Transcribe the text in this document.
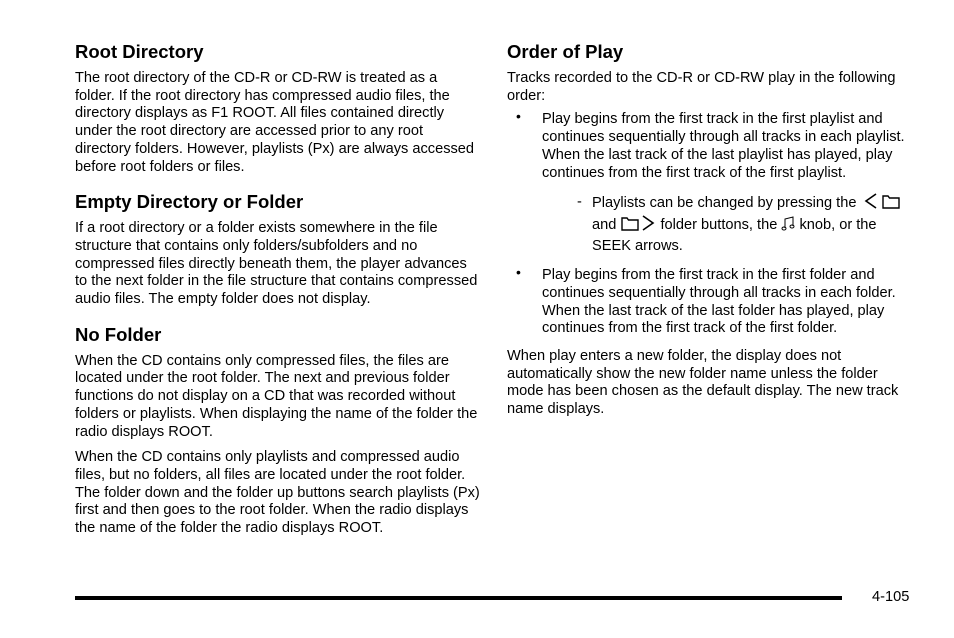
Root Directory

The root directory of the CD-R or CD-RW is treated as a folder. If the root directory has compressed audio files, the directory displays as F1 ROOT. All files contained directly under the root directory are accessed prior to any root directory folders. However, playlists (Px) are always accessed before root folders or files.

Empty Directory or Folder

If a root directory or a folder exists somewhere in the file structure that contains only folders/subfolders and no compressed files directly beneath them, the player advances to the next folder in the file structure that contains compressed audio files. The empty folder does not display.

No Folder

When the CD contains only compressed files, the files are located under the root folder. The next and previous folder functions do not display on a CD that was recorded without folders or playlists. When displaying the name of the folder the radio displays ROOT.

When the CD contains only playlists and compressed audio files, but no folders, all files are located under the root folder. The folder down and the folder up buttons search playlists (Px) first and then goes to the root folder. When the radio displays the name of the folder the radio displays ROOT.

Order of Play

Tracks recorded to the CD-R or CD-RW play in the following order:

• Play begins from the first track in the first playlist and continues sequentially through all tracks in each playlist. When the last track of the last playlist has played, play continues from the first track of the first playlist.
- Playlists can be changed by pressing the
and	folder buttons, the knob, or the SEEK arrows.
• Play begins from the first track in the first folder and continues sequentially through all tracks in each folder. When the last track of the last folder has played, play continues from the first track of the first folder.

When play enters a new folder, the display does not automatically show the new folder name unless the folder mode has been chosen as the default display. The new track name displays.

4-105
